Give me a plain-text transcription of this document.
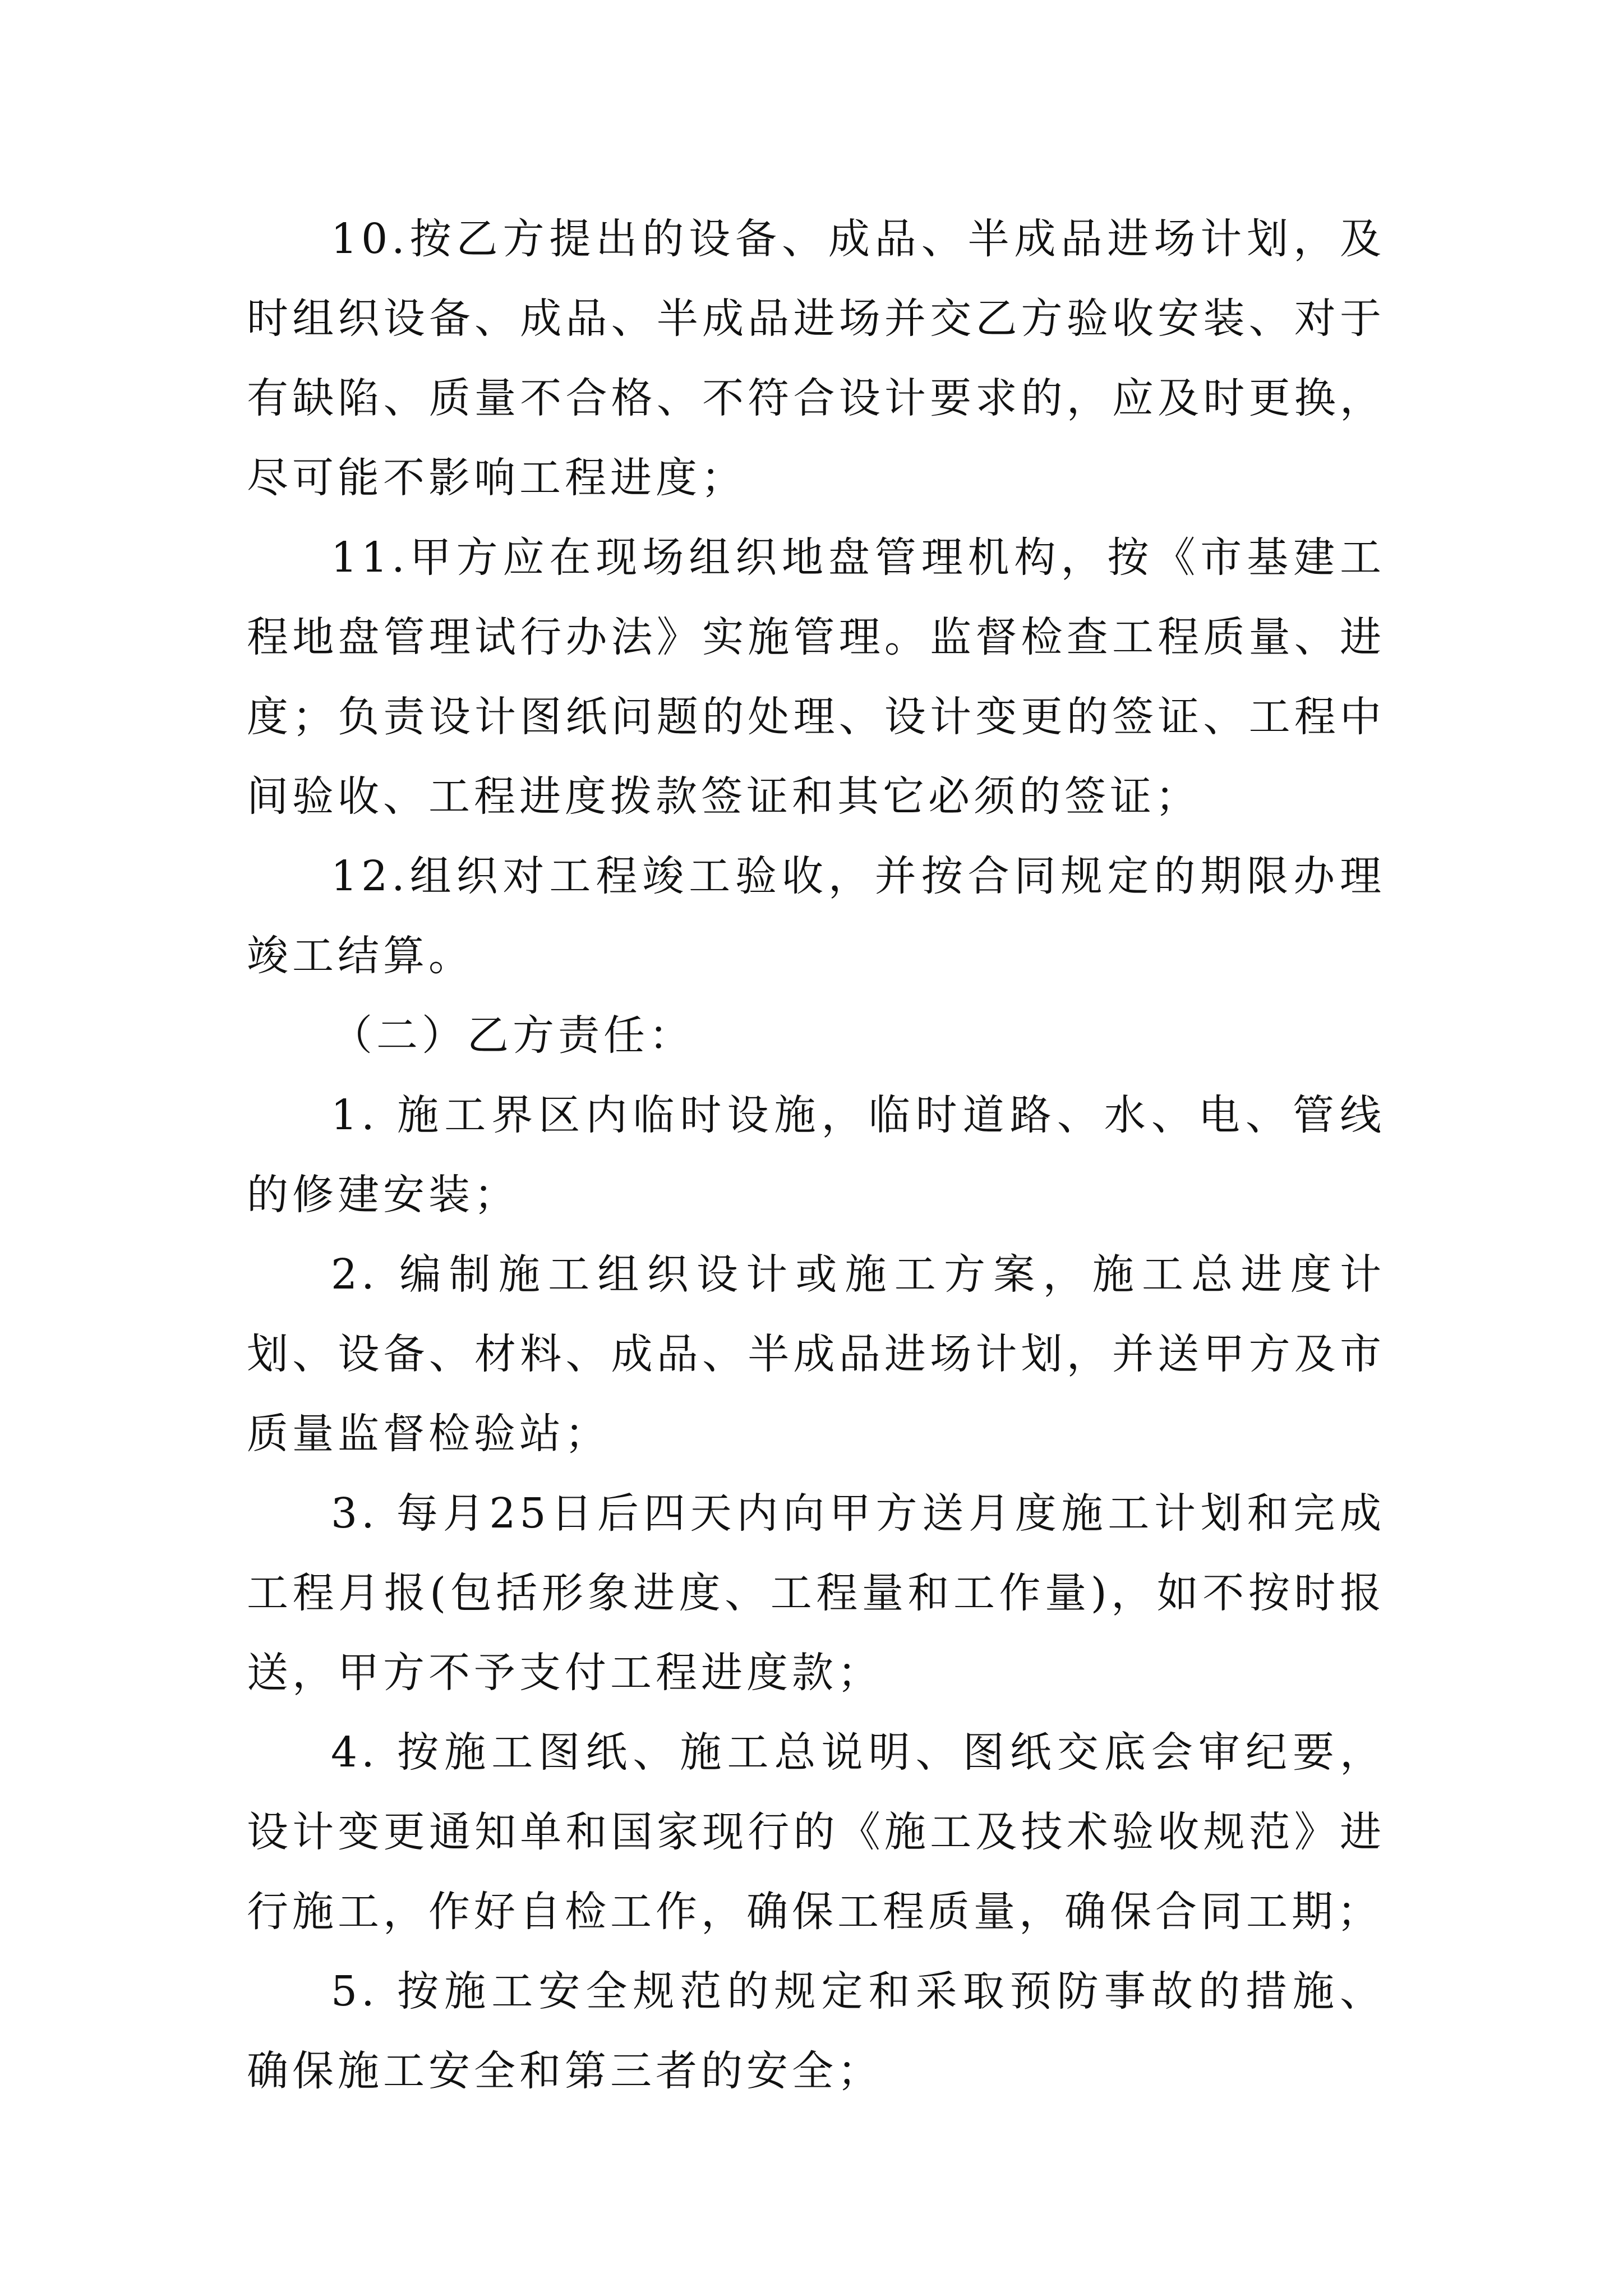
10.按乙方提出的设备、成品、半成品进场计划，及时组织设备、成品、半成品进场并交乙方验收安装、对于有缺陷、质量不合格、不符合设计要求的，应及时更换，尽可能不影响工程进度；

11.甲方应在现场组织地盘管理机构，按《市基建工程地盘管理试行办法》实施管理。监督检查工程质量、进度；负责设计图纸问题的处理、设计变更的签证、工程中间验收、工程进度拨款签证和其它必须的签证；

12.组织对工程竣工验收，并按合同规定的期限办理竣工结算。

（二）乙方责任：

1. 施工界区内临时设施，临时道路、水、电、管线的修建安装；

2. 编制施工组织设计或施工方案，施工总进度计划、设备、材料、成品、半成品进场计划，并送甲方及市质量监督检验站；

3. 每月25日后四天内向甲方送月度施工计划和完成工程月报(包括形象进度、工程量和工作量)，如不按时报送，甲方不予支付工程进度款；

4. 按施工图纸、施工总说明、图纸交底会审纪要，设计变更通知单和国家现行的《施工及技术验收规范》进行施工，作好自检工作，确保工程质量，确保合同工期；

5. 按施工安全规范的规定和采取预防事故的措施、确保施工安全和第三者的安全；
